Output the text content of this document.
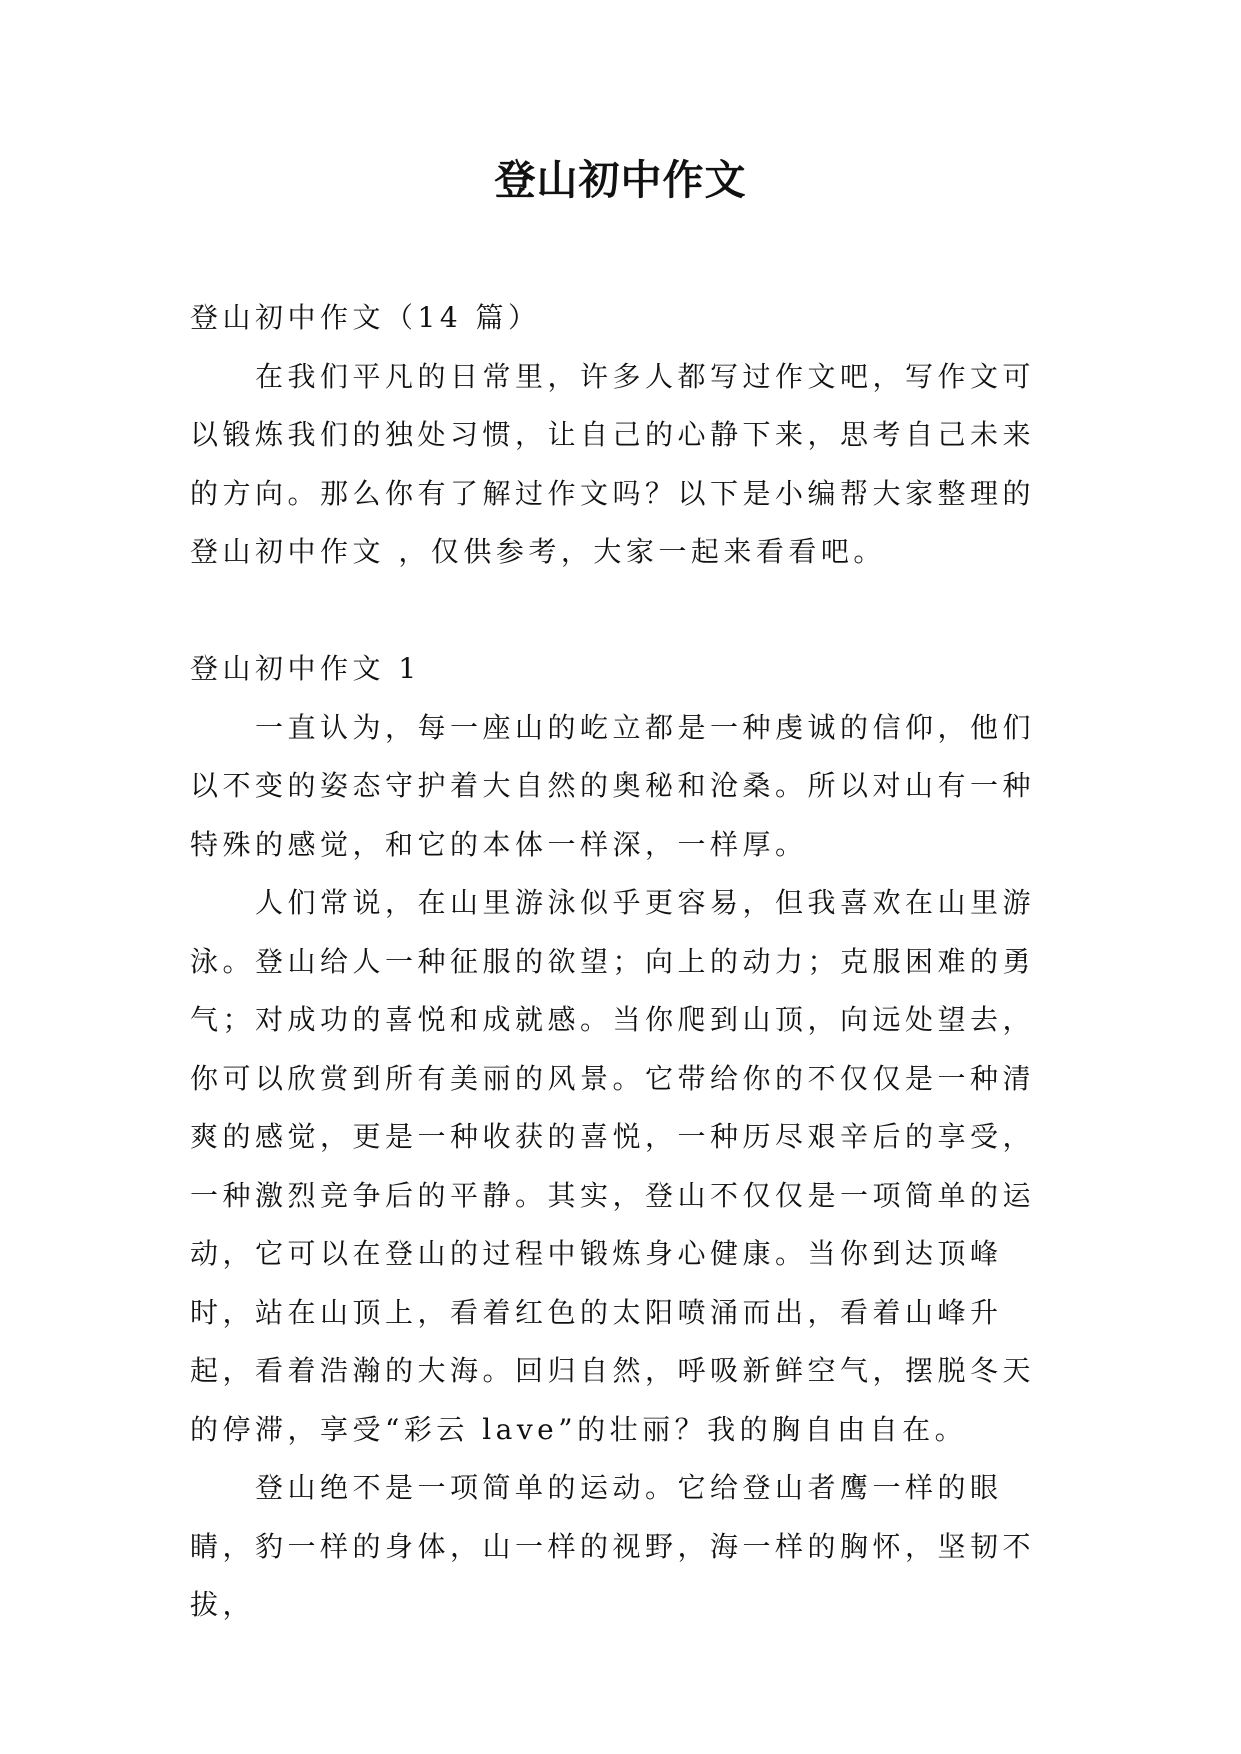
登山初中作文

登山初中作文（14 篇）

在我们平凡的日常里，许多人都写过作文吧，写作文可以锻炼我们的独处习惯，让自己的心静下来，思考自己未来的方向。那么你有了解过作文吗？以下是小编帮大家整理的登山初中作文 ，仅供参考，大家一起来看看吧。

登山初中作文 1

一直认为，每一座山的屹立都是一种虔诚的信仰，他们以不变的姿态守护着大自然的奥秘和沧桑。所以对山有一种特殊的感觉，和它的本体一样深，一样厚。

人们常说，在山里游泳似乎更容易，但我喜欢在山里游泳。登山给人一种征服的欲望；向上的动力；克服困难的勇气；对成功的喜悦和成就感。当你爬到山顶，向远处望去，你可以欣赏到所有美丽的风景。它带给你的不仅仅是一种清爽的感觉，更是一种收获的喜悦，一种历尽艰辛后的享受，一种激烈竞争后的平静。其实，登山不仅仅是一项简单的运动，它可以在登山的过程中锻炼身心健康。当你到达顶峰时，站在山顶上，看着红色的太阳喷涌而出，看着山峰升起，看着浩瀚的大海。回归自然，呼吸新鲜空气，摆脱冬天的停滞，享受“彩云 lave”的壮丽？我的胸自由自在。

登山绝不是一项简单的运动。它给登山者鹰一样的眼睛，豹一样的身体，山一样的视野，海一样的胸怀，坚韧不拔，
